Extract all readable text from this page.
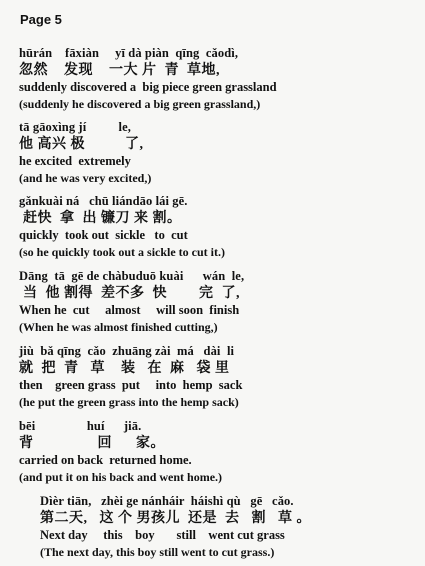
Page 5
hūrán    fāxiàn     yī dà piàn  qīng  cǎodì,
忽然    发现    一大 片  青  草地,
suddenly discovered a  big piece green grassland
(suddenly he discovered a big green grassland,)
tā gāoxìng jí          le,
他 高兴 极          了,
he excited  extremely
(and he was very excited,)
gǎnkuài ná   chū liándāo lái gē.
赶快  拿  出 镰刀 来 割。
quickly  took out  sickle   to  cut
(so he quickly took out a sickle to cut it.)
Dāng  tā  gē de chàbuduō kuài      wán  le,
当  他 割得  差不多  快        完  了,
When he  cut     almost     will soon  finish
(When he was almost finished cutting,)
jiù  bǎ qīng  cǎo  zhuāng zài  má   dài  li
就  把  青   草    装   在  麻   袋 里
then    green grass  put     into  hemp  sack
(he put the green grass into the hemp sack)
bēi                huí      jiā.
背                回      家。
carried on back  returned home.
(and put it on his back and went home.)
Dìèr tiān,   zhèi ge nánháir  háishì qù   gē   cǎo.
第二天,   这 个 男孩儿  还是  去   割   草 。
Next day     this    boy       still    went cut grass
(The next day, this boy still went to cut grass.)
